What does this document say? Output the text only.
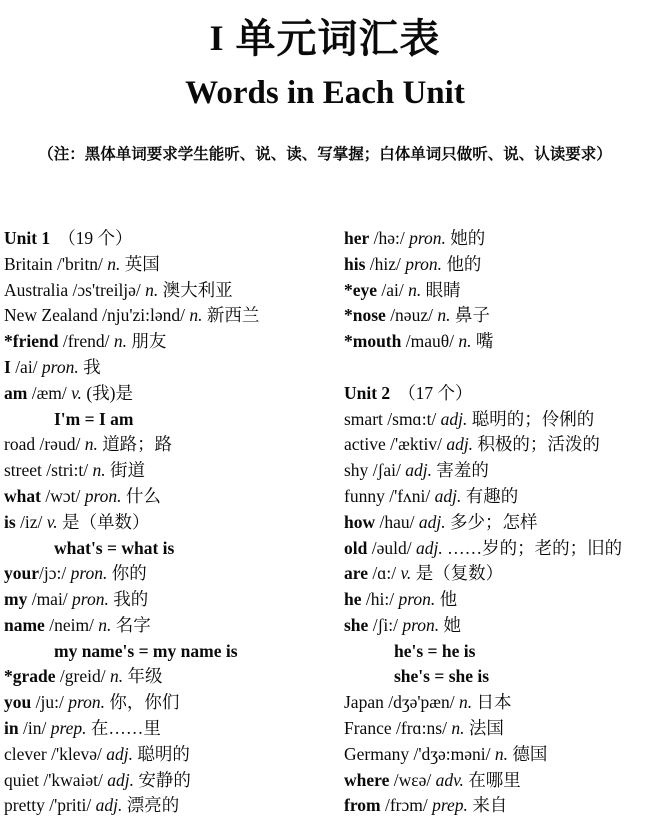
I 单元词汇表
Words in Each Unit
（注：黑体单词要求学生能听、说、读、写掌握；白体单词只做听、说、认读要求）
Unit 1 （19 个）
Britain /'britn/ n. 英国
Australia /ɔs'treiljə/ n. 澳大利亚
New Zealand /nju'zi:lənd/ n. 新西兰
*friend /frend/ n. 朋友
I /ai/ pron. 我
am /æm/ v. (我)是
I'm = I am
road /rəud/ n. 道路；路
street /stri:t/ n. 街道
what /wɔt/ pron. 什么
is /iz/ v. 是（单数）
what's = what is
your/jɔ:/ pron. 你的
my /mai/ pron. 我的
name /neim/ n. 名字
my name's = my name is
*grade /greid/ n. 年级
you /ju:/ pron. 你，你们
in /in/ prep. 在……里
clever /'klevə/ adj. 聪明的
quiet /'kwaiət/ adj. 安静的
pretty /'priti/ adj. 漂亮的
her /hə:/ pron. 她的
his /hiz/ pron. 他的
*eye /ai/ n. 眼睛
*nose /nəuz/ n. 鼻子
*mouth /mauθ/ n. 嘴
Unit 2 （17 个）
smart /smɑ:t/ adj. 聪明的；伶俐的
active /'æktiv/ adj. 积极的；活泼的
shy /ʃai/ adj. 害羞的
funny /'fʌni/ adj. 有趣的
how /hau/ adj. 多少；怎样
old /əuld/ adj. ……岁的；老的；旧的
are /ɑ:/ v. 是（复数）
he /hi:/ pron. 他
she /ʃi:/ pron. 她
he's = he is
she's = she is
Japan /dʒə'pæn/ n. 日本
France /frɑ:ns/ n. 法国
Germany /'dʒə:məni/ n. 德国
where /wɛə/ adv. 在哪里
from /frɔm/ prep. 来自
